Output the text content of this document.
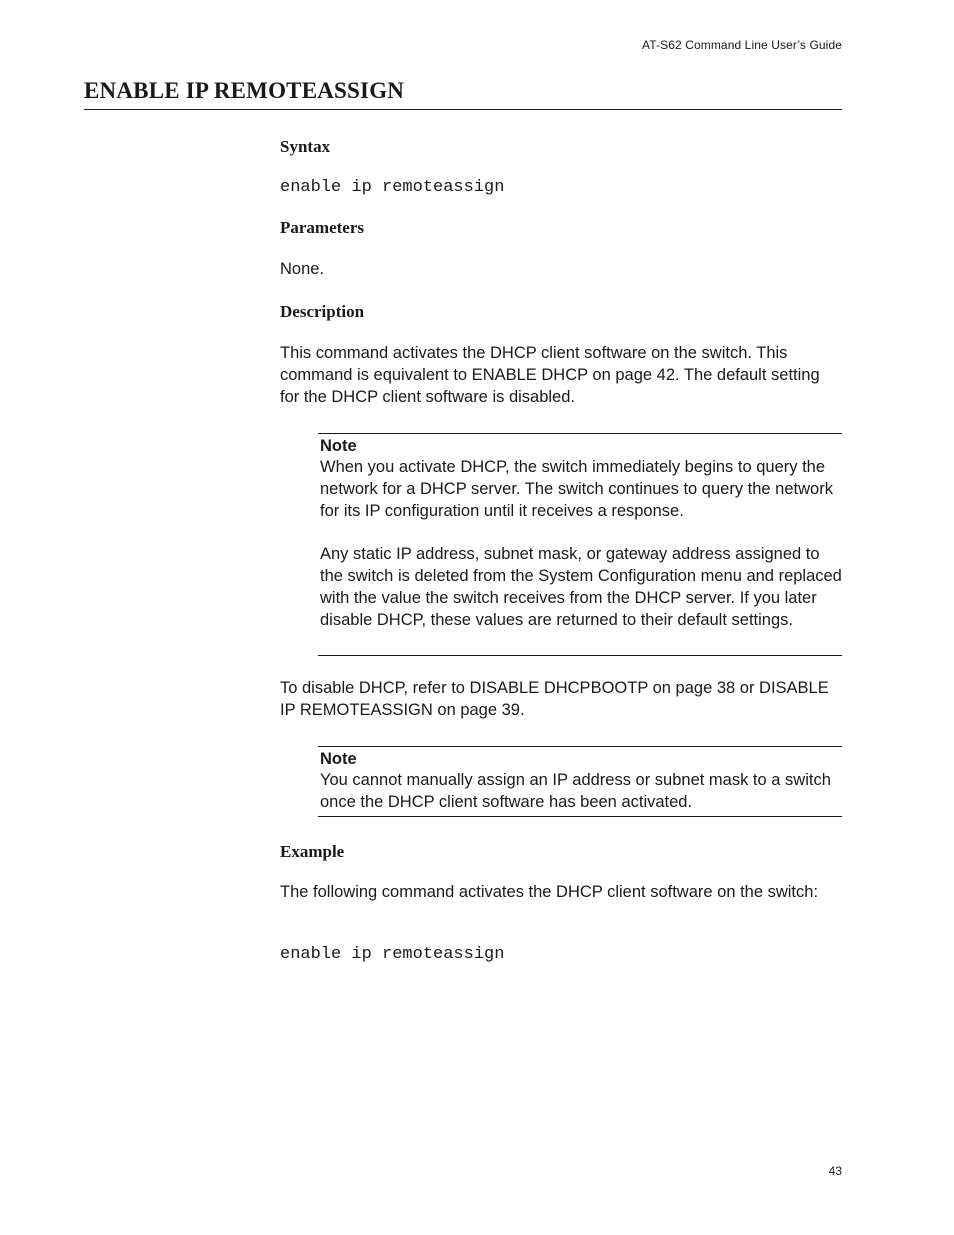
AT-S62 Command Line User’s Guide
ENABLE IP REMOTEASSIGN
Syntax

enable ip remoteassign

Parameters

None.

Description

This command activates the DHCP client software on the switch. This command is equivalent to ENABLE DHCP on page 42. The default setting for the DHCP client software is disabled.

Note

When you activate DHCP, the switch immediately begins to query the network for a DHCP server. The switch continues to query the network for its IP configuration until it receives a response.

Any static IP address, subnet mask, or gateway address assigned to the switch is deleted from the System Configuration menu and replaced with the value the switch receives from the DHCP server. If you later disable DHCP, these values are returned to their default settings.

To disable DHCP, refer to DISABLE DHCPBOOTP on page 38 or DISABLE IP REMOTEASSIGN on page 39.

Note

You cannot manually assign an IP address or subnet mask to a switch once the DHCP client software has been activated.

Example

The following command activates the DHCP client software on the switch:

enable ip remoteassign

43
